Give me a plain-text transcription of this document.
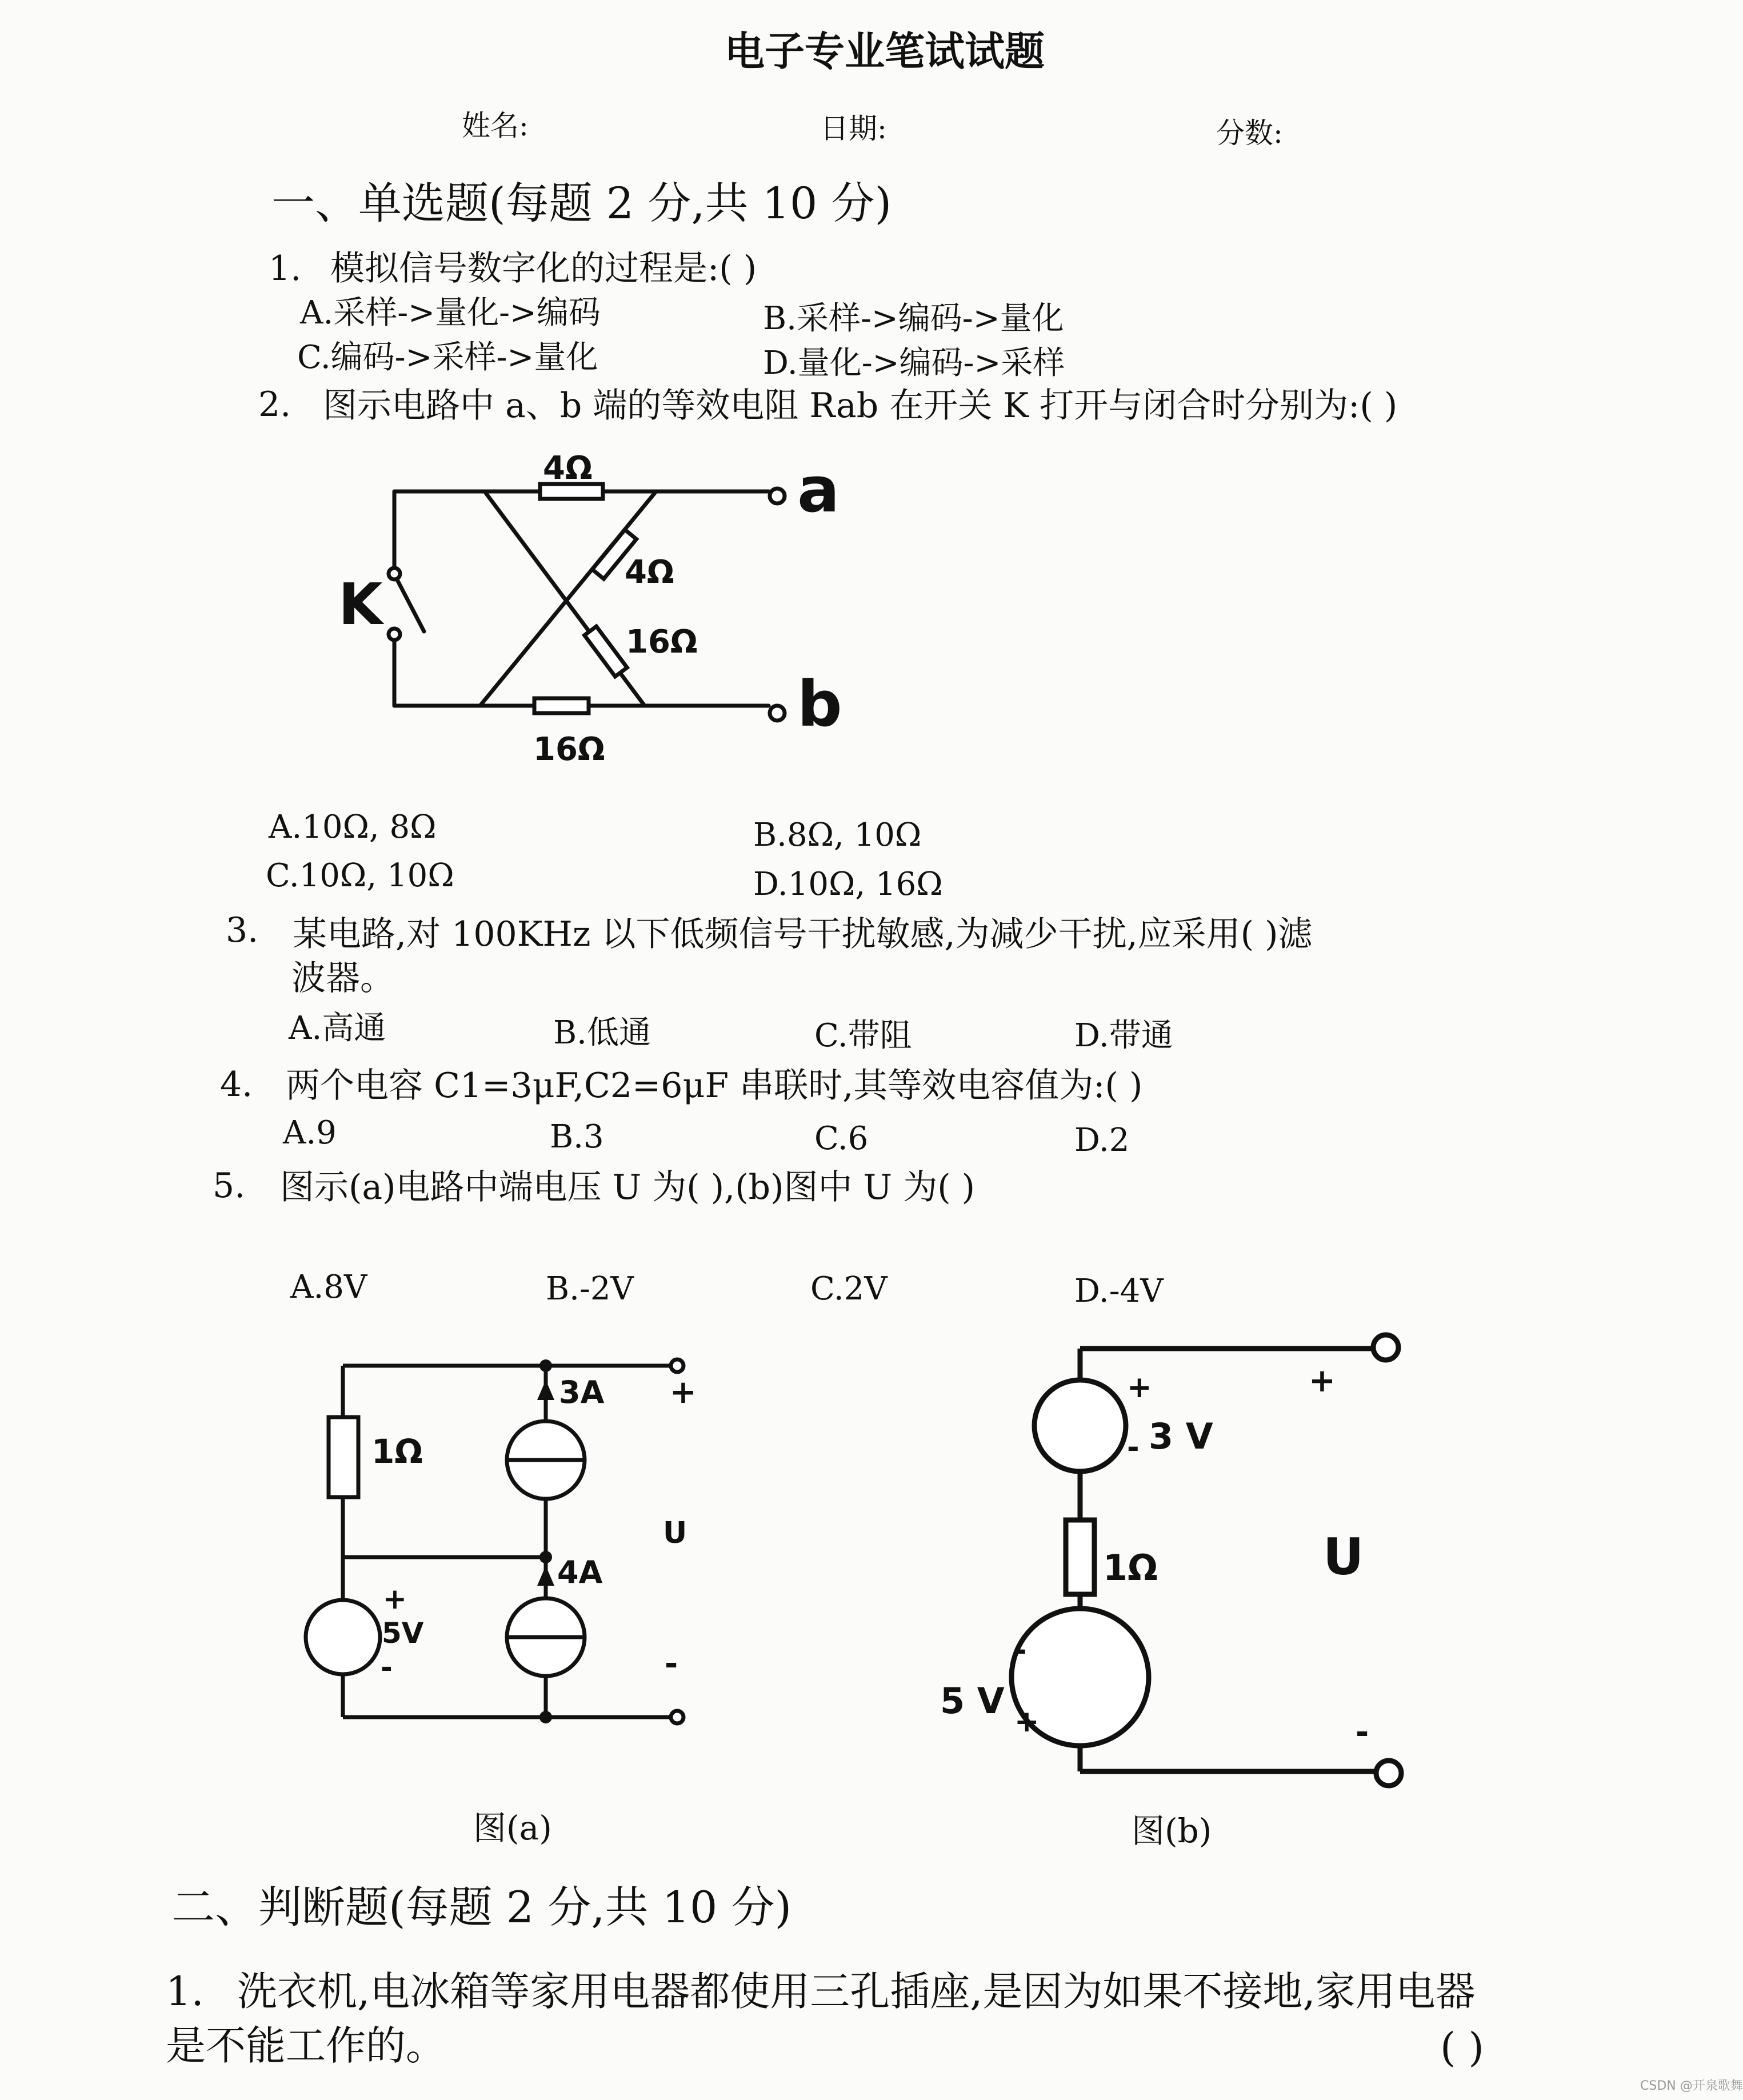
电子专业笔试试题
姓名:	日期:	分数:
一、单选题(每题 2 分,共 10 分)
1. 模拟信号数字化的过程是:( )
A.采样->量化->编码	B.采样->编码->量化
C.编码->采样->量化	D.量化->编码->采样
2. 图示电路中 a、b 端的等效电阻 Rab 在开关 K 打开与闭合时分别为:( )
4Ω
4Ω
16Ω
16Ω
K
a
b
A.10Ω, 8Ω	B.8Ω, 10Ω
C.10Ω, 10Ω	D.10Ω, 16Ω
3. 某电路,对 100KHz 以下低频信号干扰敏感,为减少干扰,应采用( )滤
波器。
A.高通	B.低通	C.带阻	D.带通
4. 两个电容 C1=3μF,C2=6μF 串联时,其等效电容值为:( )
A.9	B.3	C.6	D.2
5. 图示(a)电路中端电压 U 为( ),(b)图中 U 为( )
A.8V	B.-2V	C.2V	D.-4V
1Ω
3A
4A
+
5V
-
+
U
-
+
- 3 V
1Ω
-
5 V +
+
U
-
图(a)	图(b)
二、判断题(每题 2 分,共 10 分)
1. 洗衣机,电冰箱等家用电器都使用三孔插座,是因为如果不接地,家用电器
是不能工作的。	( )
CSDN @开泉歌舞
